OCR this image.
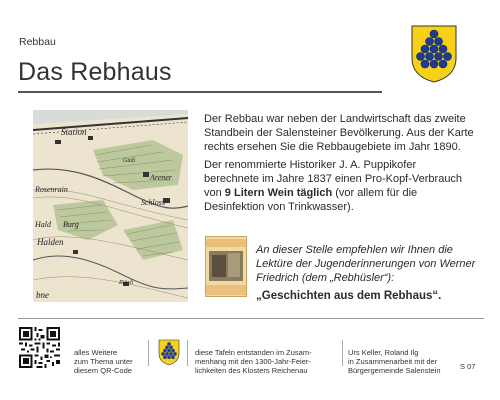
Rebbau
Das Rebhaus
Station
Gütli
Rosenrain
Arener
Schloss
Hald Burg
Halden
Rüteli
bne

Der Rebbau war neben der Landwirtschaft das zweite Standbein der Salensteiner Bevölkerung. Aus der Karte rechts ersehen Sie die Rebbaugebiete im Jahr 1890.

Der renommierte Historiker J. A. Puppikofer berechnete im Jahre 1837 einen Pro-Kopf-Verbrauch von 9 Litern Wein täglich (vor allem für die Desinfektion von Trinkwasser).

An dieser Stelle empfehlen wir Ihnen die Lektüre der Jugenderinnerungen von Werner Friedrich (dem „Rebhüsler“):
„Geschichten aus dem Rebhaus“.
alles Weitere
zum Thema unter
diesem QR-Code
diese Tafeln entstanden im Zusam-
menhang mit den 1300-Jahr-Feier-
lichkeiten des Klosters Reichenau
Urs Keller, Roland Ilg
in Zusammenarbeit mit der
Bürgergemeinde Salenstein	S 07
